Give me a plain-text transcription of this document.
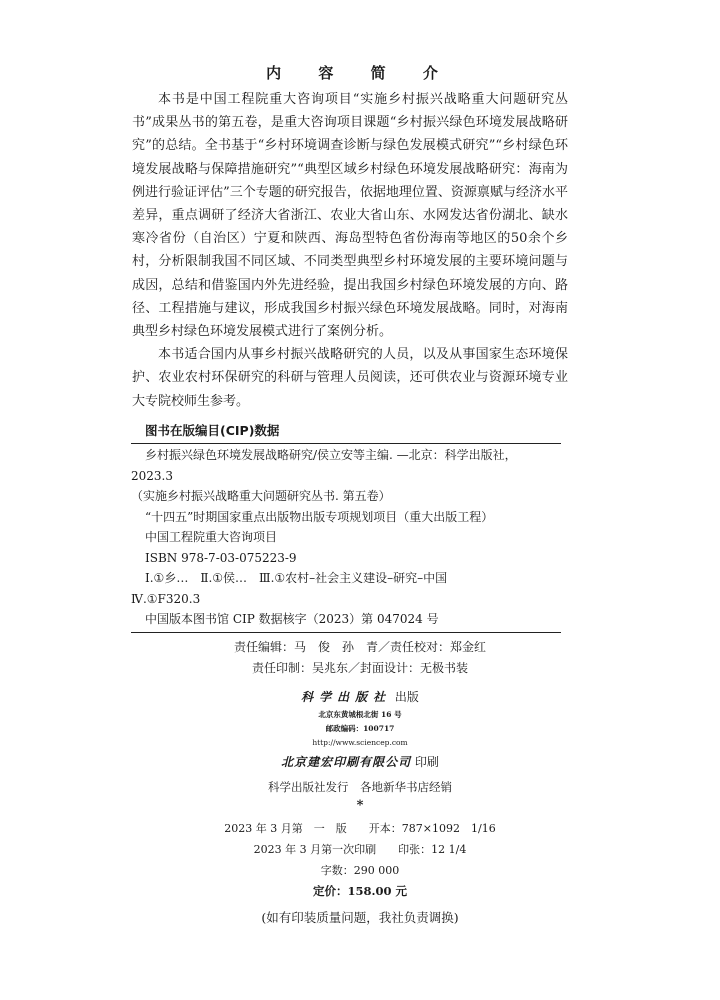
内 容 简 介

本书是中国工程院重大咨询项目“实施乡村振兴战略重大问题研究丛书”成果丛书的第五卷，是重大咨询项目课题“乡村振兴绿色环境发展战略研究”的总结。全书基于“乡村环境调查诊断与绿色发展模式研究”“乡村绿色环境发展战略与保障措施研究”“典型区域乡村绿色环境发展战略研究：海南为例进行验证评估”三个专题的研究报告，依据地理位置、资源禀赋与经济水平差异，重点调研了经济大省浙江、农业大省山东、水网发达省份湖北、缺水寒冷省份（自治区）宁夏和陕西、海岛型特色省份海南等地区的50余个乡村，分析限制我国不同区域、不同类型典型乡村环境发展的主要环境问题与成因，总结和借鉴国内外先进经验，提出我国乡村绿色环境发展的方向、路径、工程措施与建议，形成我国乡村振兴绿色环境发展战略。同时，对海南典型乡村绿色环境发展模式进行了案例分析。

本书适合国内从事乡村振兴战略研究的人员，以及从事国家生态环境保护、农业农村环保研究的科研与管理人员阅读，还可供农业与资源环境专业大专院校师生参考。

图书在版编目(CIP)数据
乡村振兴绿色环境发展战略研究/侯立安等主编. —北京：科学出版社，
2023.3
（实施乡村振兴战略重大问题研究丛书. 第五卷）
“十四五”时期国家重点出版物出版专项规划项目（重大出版工程）
中国工程院重大咨询项目
ISBN 978-7-03-075223-9
Ⅰ.①乡…　Ⅱ.①侯…　Ⅲ.①农村–社会主义建设–研究–中国
Ⅳ.①F320.3
中国版本图书馆 CIP 数据核字（2023）第 047024 号
责任编辑：马　俊　孙　青／责任校对：郑金红
责任印制：吴兆东／封面设计：无极书装
科学出版社 出版
北京东黄城根北街 16 号
邮政编码：100717
http://www.sciencep.com
北京建宏印刷有限公司 印刷
科学出版社发行　各地新华书店经销
*
2023 年 3 月第　一　版　　开本：787×1092　1/16
2023 年 3 月第一次印刷　　印张：12 1/4
字数：290 000
定价：158.00 元
(如有印装质量问题，我社负责调换)
